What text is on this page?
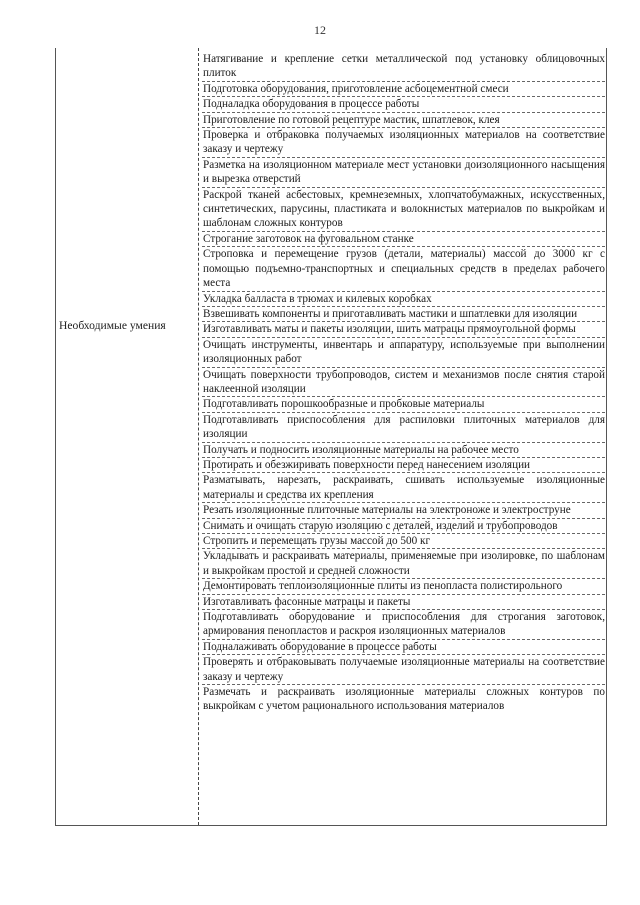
12
Необходимые умения
Натягивание и крепление сетки металлической под установку облицовочных плиток
Подготовка оборудования, приготовление асбоцементной смеси
Подналадка оборудования в процессе работы
Приготовление по готовой рецептуре мастик, шпатлевок, клея
Проверка и отбраковка получаемых изоляционных материалов на соответствие заказу и чертежу
Разметка на изоляционном материале мест установки доизоляционного насыщения и вырезка отверстий
Раскрой тканей асбестовых, кремнеземных, хлопчатобумажных, искусственных, синтетических, парусины, пластиката и волокнистых материалов по выкройкам и шаблонам сложных контуров
Строгание заготовок на фуговальном станке
Строповка и перемещение грузов (детали, материалы) массой до 3000 кг с помощью подъемно-транспортных и специальных средств в пределах рабочего места
Укладка балласта в трюмах и килевых коробках
Взвешивать компоненты и приготавливать мастики и шпатлевки для изоляции
Изготавливать маты и пакеты изоляции, шить матрацы прямоугольной формы
Очищать инструменты, инвентарь и аппаратуру, используемые при выполнении изоляционных работ
Очищать поверхности трубопроводов, систем и механизмов после снятия старой наклеенной изоляции
Подготавливать порошкообразные и пробковые материалы
Подготавливать приспособления для распиловки плиточных материалов для изоляции
Получать и подносить изоляционные материалы на рабочее место
Протирать и обезжиривать поверхности перед нанесением изоляции
Разматывать, нарезать, раскраивать, сшивать используемые изоляционные материалы и средства их крепления
Резать изоляционные плиточные материалы на электроноже и электроструне
Снимать и очищать старую изоляцию с деталей, изделий и трубопроводов
Стропить и перемещать грузы массой до 500 кг
Укладывать и раскраивать материалы, применяемые при изолировке, по шаблонам и выкройкам простой и средней сложности
Демонтировать теплоизоляционные плиты из пенопласта полистирольного
Изготавливать фасонные матрацы и пакеты
Подготавливать оборудование и приспособления для строгания заготовок, армирования пенопластов и раскроя изоляционных материалов
Подналаживать оборудование в процессе работы
Проверять и отбраковывать получаемые изоляционные материалы на соответствие заказу и чертежу
Размечать и раскраивать изоляционные материалы сложных контуров по выкройкам с учетом рационального использования материалов
